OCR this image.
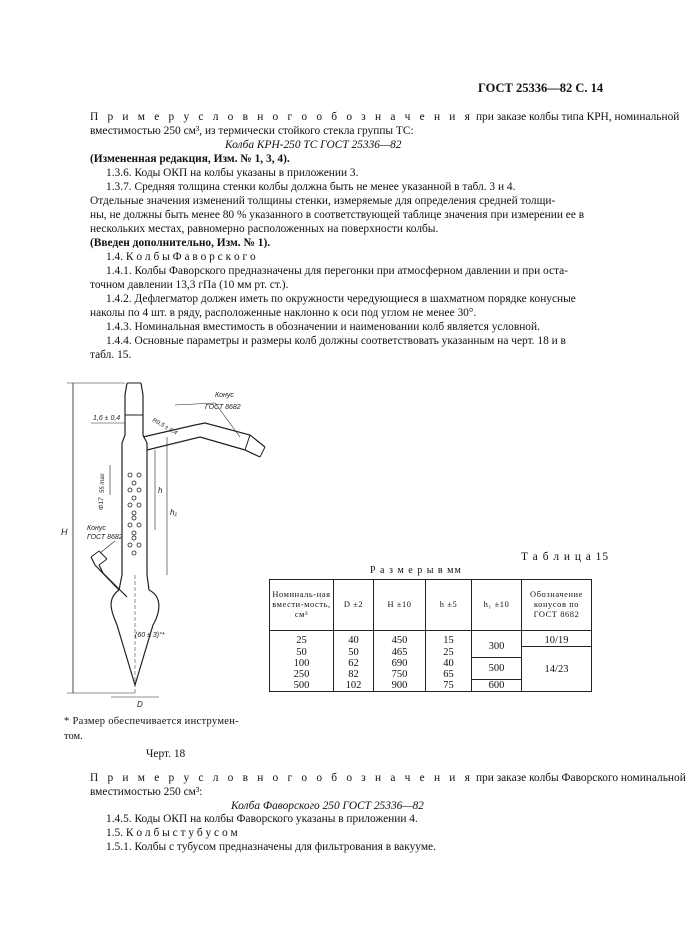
ГОСТ 25336—82 С. 14
П р и м е р у с л о в н о г о о б о з н а ч е н и я при заказе колбы типа КРН, номинальной
вместимостью 250 см³, из термически стойкого стекла группы ТС:
Колба КРН-250 ТС ГОСТ 25336—82
(Измененная редакция, Изм. № 1, 3, 4).
1.3.6. Коды ОКП на колбы указаны в приложении 3.
1.3.7. Средняя толщина стенки колбы должна быть не менее указанной в табл. 3 и 4.
Отдельные значения изменений толщины стенки, измеряемые для определения средней толщи-
ны, не должны быть менее 80 % указанного в соответствующей таблице значения при измерении ее в
нескольких местах, равномерно расположенных на поверхности колбы.
(Введен дополнительно, Изм. № 1).
1.4. К о л б ы Ф а в о р с к о г о
1.4.1. Колбы Фаворского предназначены для перегонки при атмосферном давлении и при оста-
точном давлении 13,3 гПа (10 мм рт. ст.).
1.4.2. Дефлегматор должен иметь по окружности чередующиеся в шахматном порядке конусные
наколы по 4 шт. в ряду, расположенные наклонно к оси под углом не менее 30°.
1.4.3. Номинальная вместимость в обозначении и наименовании колб является условной.
1.4.4. Основные параметры и размеры колб должны соответствовать указанным на черт. 18 и в
табл. 15.
H
Конус
ГОСТ 8682
R0,5 ± 0,4
1,6 ± 0,4
55 max
Φ17
h
h₁
Конус
ГОСТ 8682
(60 ± 3)°*
D
Т а б л и ц а 15
Р а з м е р ы в мм
Номиналь-ная вмести-мость, см³	D ±2	H ±10	h ±5	h₁ ±10	Обозначение конусов по ГОСТ 8682
25	40	450	15	300	10/19
50	50	465	25		14/23
100	62	690	40	500	
250	82	750	65		
500	102	900	75	600	
* Размер обеспечивается инструмен-
том.
Черт. 18
П р и м е р у с л о в н о г о о б о з н а ч е н и я при заказе колбы Фаворского номинальной
вместимостью 250 см³:
Колба Фаворского 250 ГОСТ 25336—82
1.4.5. Коды ОКП на колбы Фаворского указаны в приложении 4.
1.5. К о л б ы с т у б у с о м
1.5.1. Колбы с тубусом предназначены для фильтрования в вакууме.
